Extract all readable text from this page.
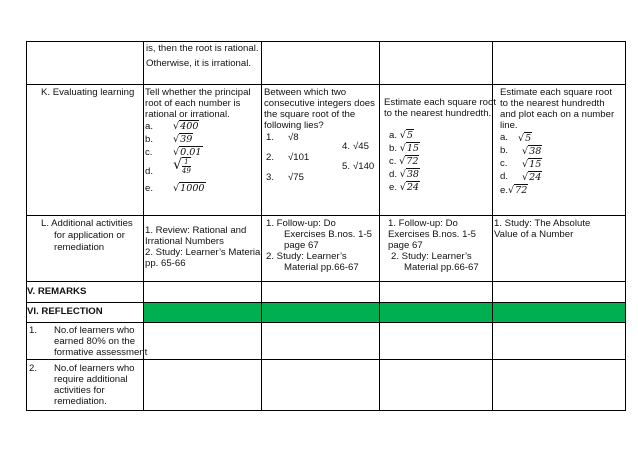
is, then the root is rational.
Otherwise, it is irrational.
K. Evaluating learning Tell whether the principal
root of each number is
rational or irrational.
a. √400
b. √39
c. √0.01
d. √ $\frac{1}{49}$
e. √1000
Between which two
consecutive integers does
the square root of the
following lies?
1. √8
4. √45
2. √101
5. √140
3. √75
Estimate each square root
to the nearest hundredth.
a. √5
b. √15
c. √72
d. √38
e. √24
Estimate each square root
to the nearest hundredth
and plot each on a number
line.
a. √5
b. √38
c. √15
d. √24
e.√72
L. Additional activities
for application or
remediation
1. Review: Rational and
Irrational Numbers
2. Study: Learner’s Material
pp. 65-66
1. Follow-up: Do
Exercises B.nos. 1-5
page 67
2. Study: Learner’s
Material pp.66-67
1. Follow-up: Do
Exercises B.nos. 1-5
page 67
2. Study: Learner’s
Material pp.66-67
1. Study: The Absolute
Value of a Number
V. REMARKS
VI. REFLECTION
1. No.of learners who
earned 80% on the
formative assessment
2. No.of learners who
require additional
activities for
remediation.
